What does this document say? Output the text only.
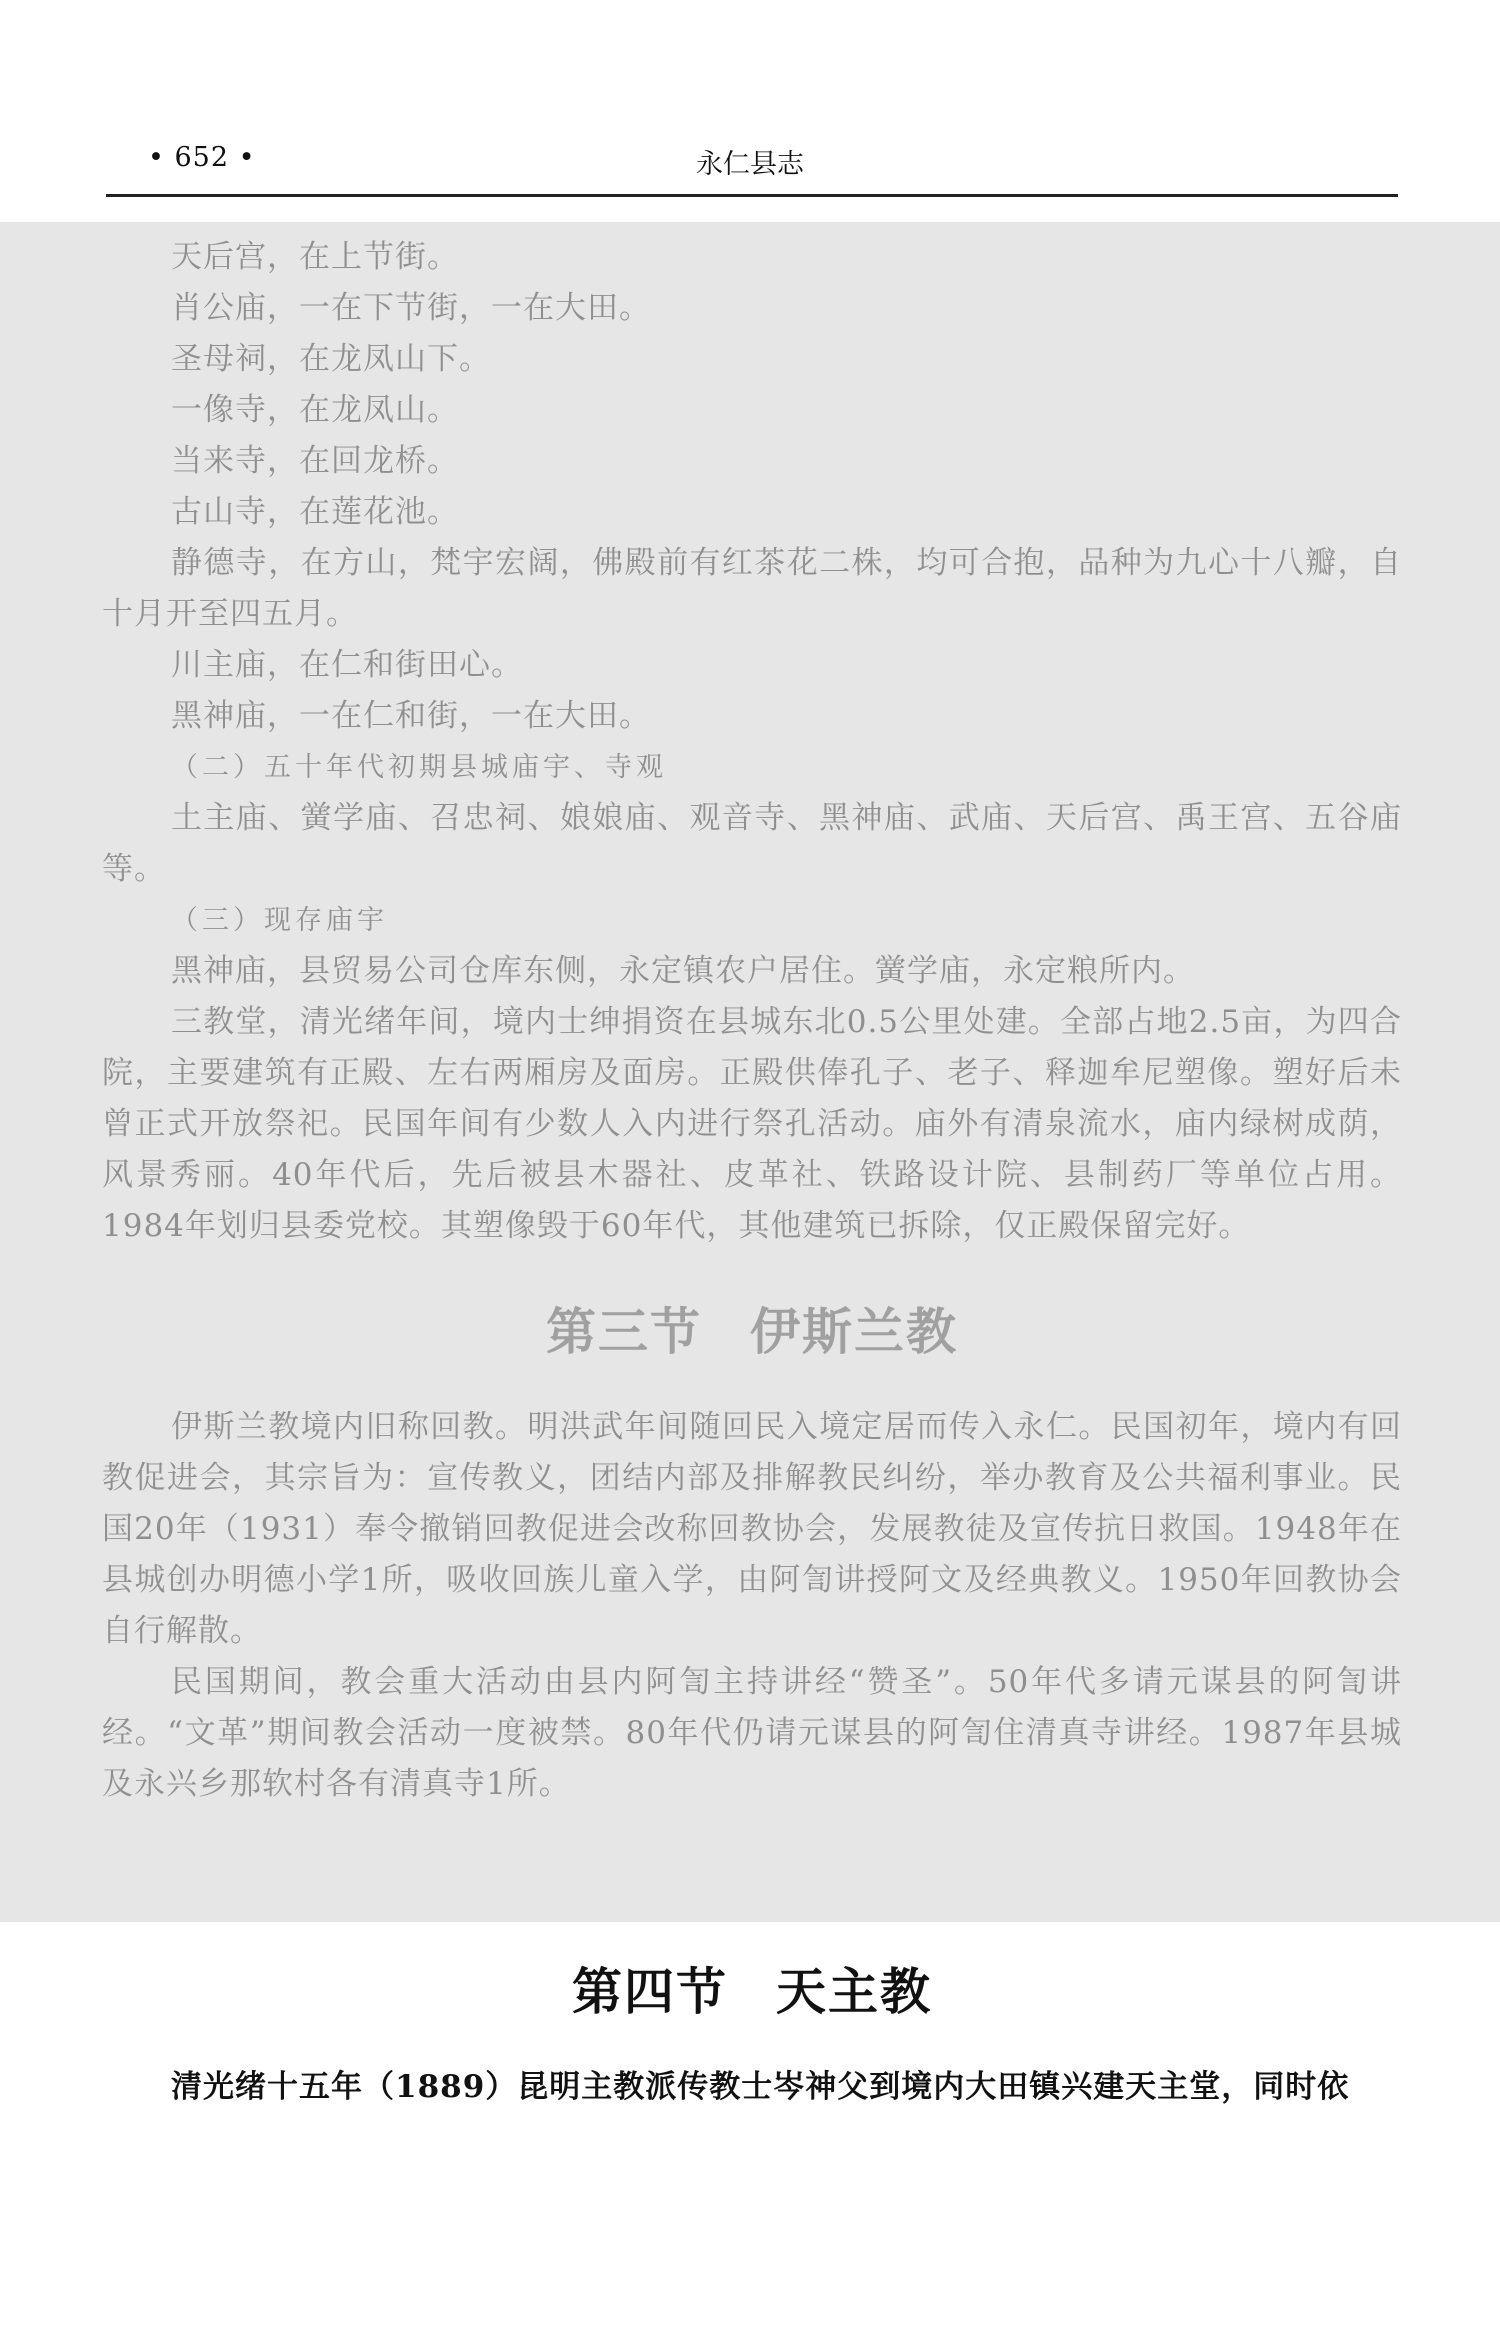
• 652 •	永仁县志

天后宫，在上节街。

肖公庙，一在下节街，一在大田。

圣母祠，在龙凤山下。

一像寺，在龙凤山。

当来寺，在回龙桥。

古山寺，在莲花池。

静德寺，在方山，梵宇宏阔，佛殿前有红茶花二株，均可合抱，品种为九心十八瓣，自十月开至四五月。

川主庙，在仁和街田心。

黑神庙，一在仁和街，一在大田。

（二）五十年代初期县城庙宇、寺观

土主庙、黉学庙、召忠祠、娘娘庙、观音寺、黑神庙、武庙、天后宫、禹王宫、五谷庙等。

（三）现存庙宇

黑神庙，县贸易公司仓库东侧，永定镇农户居住。黉学庙，永定粮所内。

三教堂，清光绪年间，境内士绅捐资在县城东北0.5公里处建。全部占地2.5亩，为四合院，主要建筑有正殿、左右两厢房及面房。正殿供俸孔子、老子、释迦牟尼塑像。塑好后未曾正式开放祭祀。民国年间有少数人入内进行祭孔活动。庙外有清泉流水，庙内绿树成荫，风景秀丽。40年代后，先后被县木器社、皮革社、铁路设计院、县制药厂等单位占用。1984年划归县委党校。其塑像毁于60年代，其他建筑已拆除，仅正殿保留完好。

第三节 伊斯兰教

伊斯兰教境内旧称回教。明洪武年间随回民入境定居而传入永仁。民国初年，境内有回教促进会，其宗旨为：宣传教义，团结内部及排解教民纠纷，举办教育及公共福利事业。民国20年（1931）奉令撤销回教促进会改称回教协会，发展教徒及宣传抗日救国。1948年在县城创办明德小学1所，吸收回族儿童入学，由阿訇讲授阿文及经典教义。1950年回教协会自行解散。

民国期间，教会重大活动由县内阿訇主持讲经“赞圣”。50年代多请元谋县的阿訇讲经。“文革”期间教会活动一度被禁。80年代仍请元谋县的阿訇住清真寺讲经。1987年县城及永兴乡那软村各有清真寺1所。

第四节 天主教

清光绪十五年（1889）昆明主教派传教士岑神父到境内大田镇兴建天主堂，同时依
